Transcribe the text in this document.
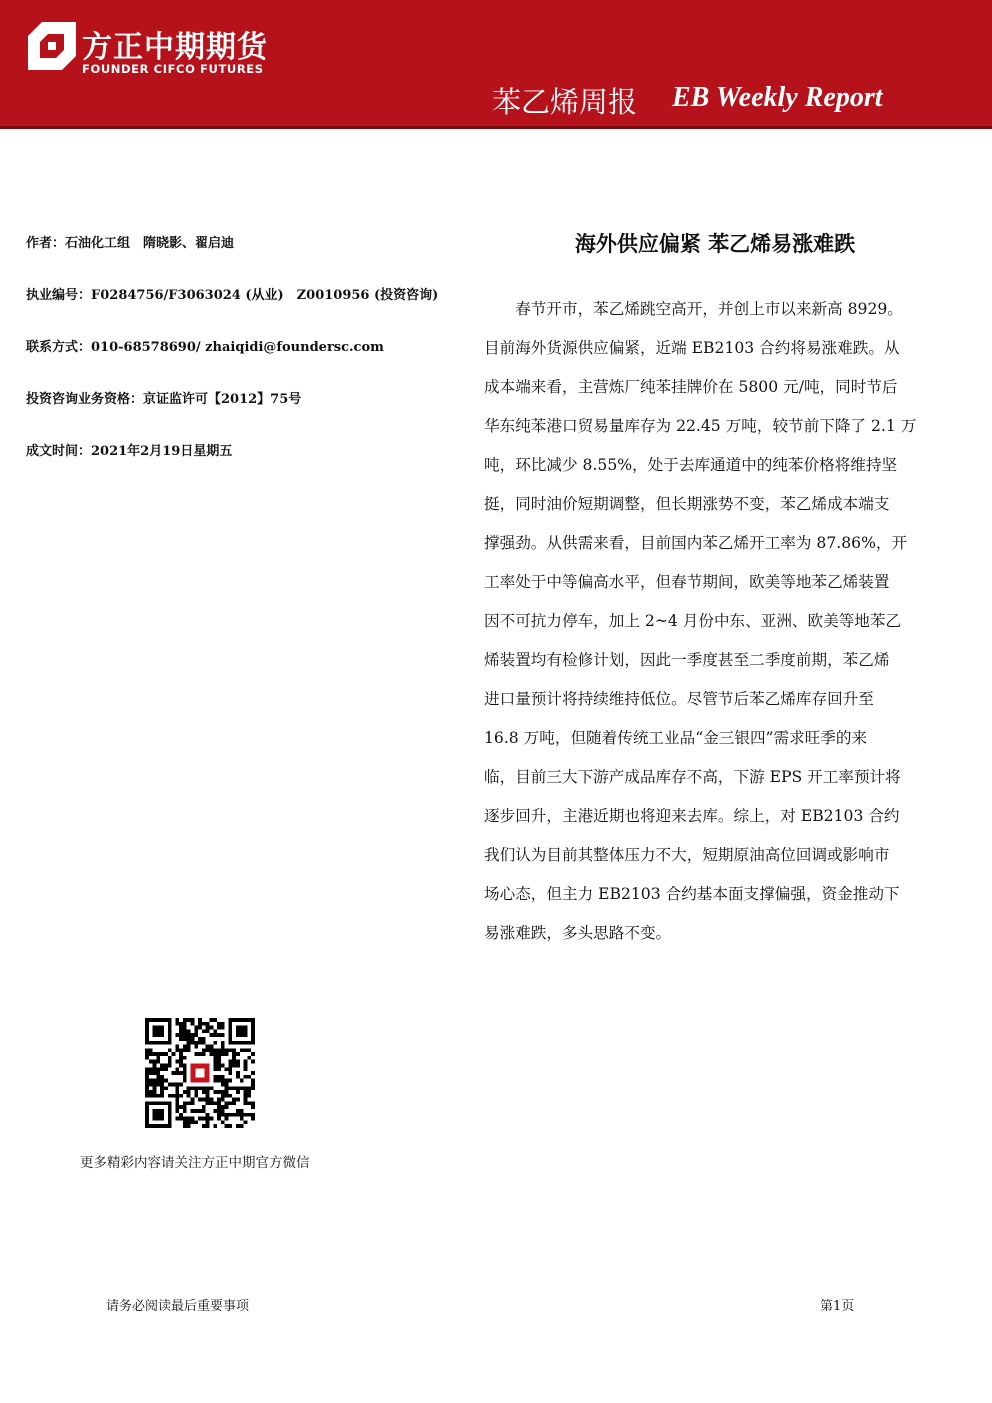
方正中期期货
FOUNDER CIFCO FUTURES
苯乙烯周报 EB Weekly Report
作者：石油化工组　隋晓影、翟启迪
执业编号：F0284756/F3063024 (从业)　Z0010956 (投资咨询)
联系方式：010-68578690/ zhaiqidi@foundersc.com
投资咨询业务资格：京证监许可【2012】75号
成文时间：2021年2月19日星期五
海外供应偏紧 苯乙烯易涨难跌
　　春节开市，苯乙烯跳空高开，并创上市以来新高 8929。
目前海外货源供应偏紧，近端 EB2103 合约将易涨难跌。从
成本端来看，主营炼厂纯苯挂牌价在 5800 元/吨，同时节后
华东纯苯港口贸易量库存为 22.45 万吨，较节前下降了 2.1 万
吨，环比减少 8.55%，处于去库通道中的纯苯价格将维持坚
挺，同时油价短期调整，但长期涨势不变，苯乙烯成本端支
撑强劲。从供需来看，目前国内苯乙烯开工率为 87.86%，开
工率处于中等偏高水平，但春节期间，欧美等地苯乙烯装置
因不可抗力停车，加上 2~4 月份中东、亚洲、欧美等地苯乙
烯装置均有检修计划，因此一季度甚至二季度前期，苯乙烯
进口量预计将持续维持低位。尽管节后苯乙烯库存回升至
16.8 万吨，但随着传统工业品“金三银四”需求旺季的来
临，目前三大下游产成品库存不高，下游 EPS 开工率预计将
逐步回升，主港近期也将迎来去库。综上，对 EB2103 合约
我们认为目前其整体压力不大，短期原油高位回调或影响市
场心态，但主力 EB2103 合约基本面支撑偏强，资金推动下
易涨难跌，多头思路不变。
更多精彩内容请关注方正中期官方微信
请务必阅读最后重要事项	第1页
